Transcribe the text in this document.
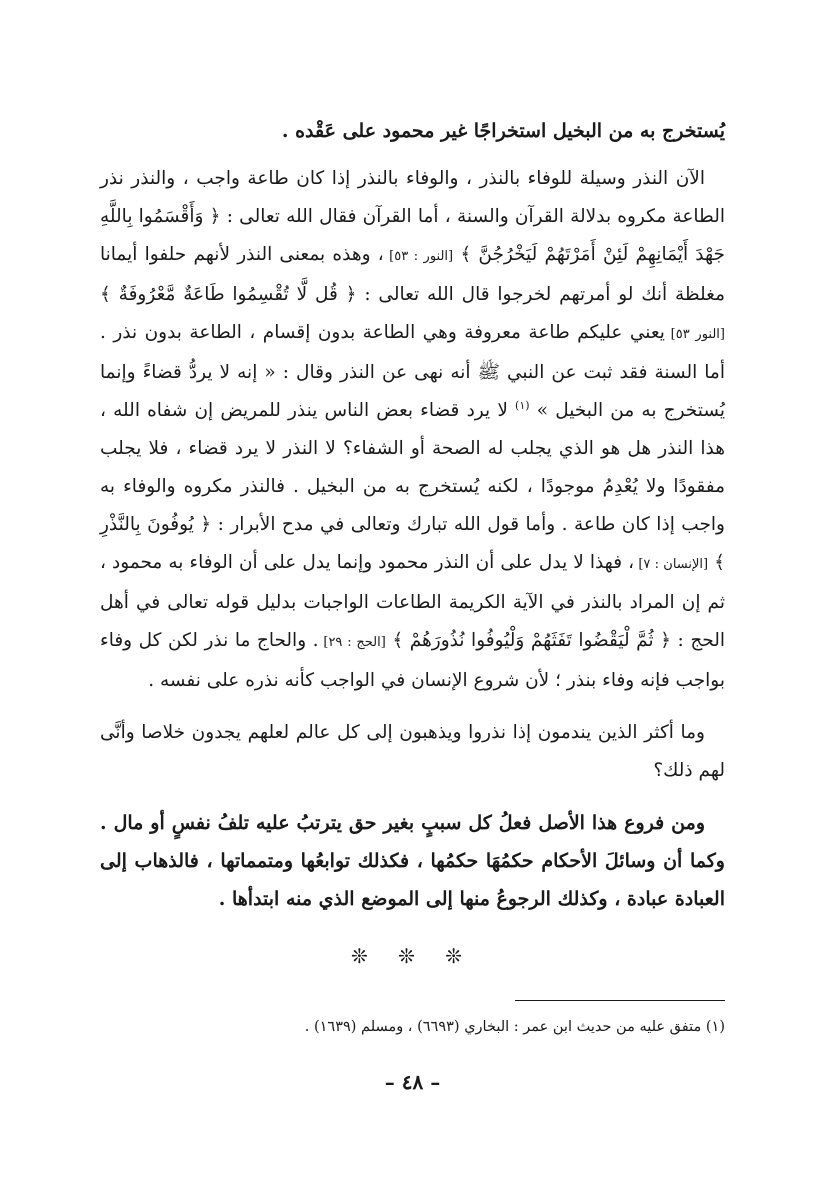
يُستخرج به من البخيل استخراجًا غير محمود على عَقْده .

الآن النذر وسيلة للوفاء بالنذر ، والوفاء بالنذر إذا كان طاعة واجب ، والنذر نذر الطاعة مكروه بدلالة القرآن والسنة ، أما القرآن فقال الله تعالى : ﴿ وَأَقْسَمُوا بِاللَّهِ جَهْدَ أَيْمَانِهِمْ لَئِنْ أَمَرْتَهُمْ لَيَخْرُجُنَّ ﴾ [النور : ٥٣] ، وهذه بمعنى النذر لأنهم حلفوا أيمانا مغلظة أنك لو أمرتهم لخرجوا قال الله تعالى : ﴿ قُل لَّا تُقْسِمُوا طَاعَةٌ مَّعْرُوفَةٌ ﴾ [النور ٥٣] يعني عليكم طاعة معروفة وهي الطاعة بدون إقسام ، الطاعة بدون نذر . أما السنة فقد ثبت عن النبي ﷺ أنه نهى عن النذر وقال : « إنه لا يردُّ قضاءً وإنما يُستخرج به من البخيل » $^{(١)}$ لا يرد قضاء بعض الناس ينذر للمريض إن شفاه الله ، هذا النذر هل هو الذي يجلب له الصحة أو الشفاء؟ لا النذر لا يرد قضاء ، فلا يجلب مفقودًا ولا يُعْدِمُ موجودًا ، لكنه يُستخرج به من البخيل . فالنذر مكروه والوفاء به واجب إذا كان طاعة . وأما قول الله تبارك وتعالى في مدح الأبرار : ﴿ يُوفُونَ بِالنَّذْرِ ﴾ [الإنسان : ٧] ، فهذا لا يدل على أن النذر محمود وإنما يدل على أن الوفاء به محمود ، ثم إن المراد بالنذر في الآية الكريمة الطاعات الواجبات بدليل قوله تعالى في أهل الحج : ﴿ ثُمَّ لْيَقْضُوا تَفَثَهُمْ وَلْيُوفُوا نُذُورَهُمْ ﴾ [الحج : ٢٩] . والحاج ما نذر لكن كل وفاء بواجب فإنه وفاء بنذر ؛ لأن شروع الإنسان في الواجب كأنه نذره على نفسه .

وما أكثر الذين يندمون إذا نذروا ويذهبون إلى كل عالم لعلهم يجدون خلاصا وأنَّى لهم ذلك؟

ومن فروع هذا الأصل فعلُ كل سببٍ بغير حق يترتبُ عليه تلفُ نفسٍ أو مال . وكما أن وسائلَ الأحكام حكمُهَا حكمُها ، فكذلك توابعُها ومتمماتها ، فالذهاب إلى العبادة عبادة ، وكذلك الرجوعُ منها إلى الموضع الذي منه ابتدأها .

❊ ❊ ❊
(١) متفق عليه من حديث ابن عمر : البخاري (٦٦٩٣) ، ومسلم (١٦٣٩) .
– ٤٨ –
